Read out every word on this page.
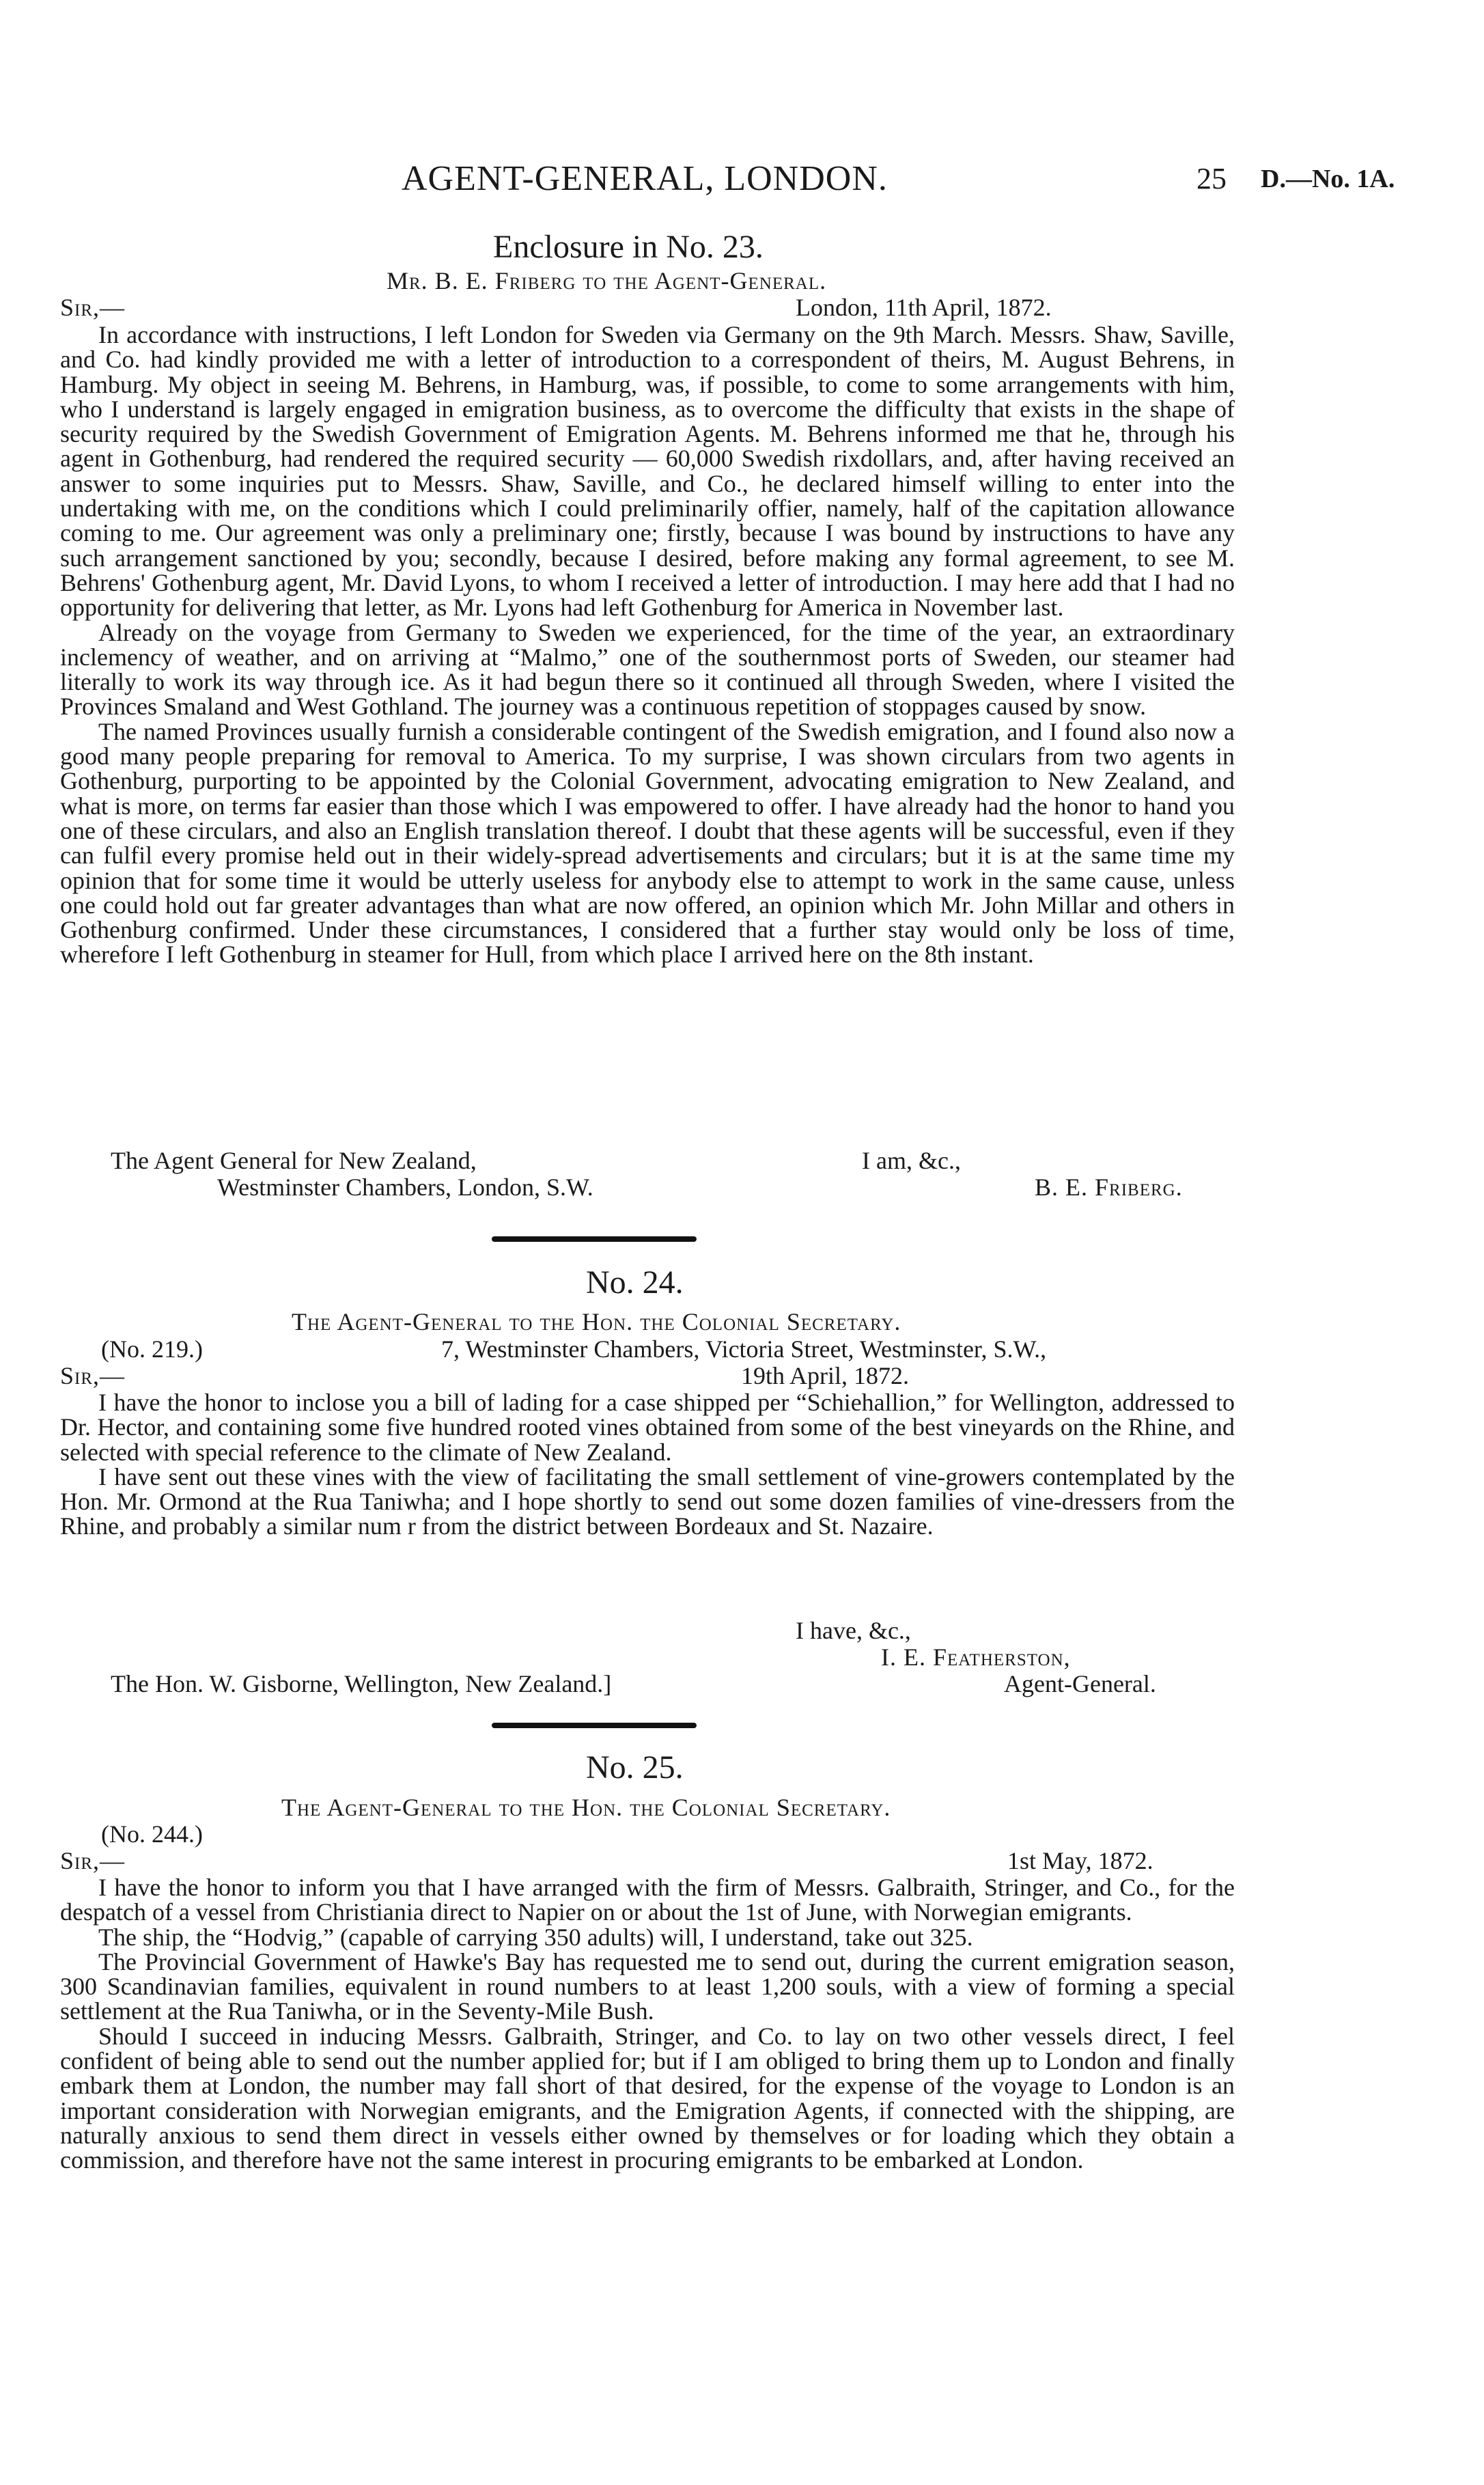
AGENT-GENERAL, LONDON.	25 D.—No. 1A.
Enclosure in No. 23.
Mr. B. E. Friberg to the Agent-General.
Sir,—	London, 11th April, 1872.

In accordance with instructions, I left London for Sweden via Germany on the 9th March. Messrs. Shaw, Saville, and Co. had kindly provided me with a letter of introduction to a correspondent of theirs, M. August Behrens, in Hamburg. My object in seeing M. Behrens, in Hamburg, was, if possible, to come to some arrangements with him, who I understand is largely engaged in emigration business, as to overcome the difficulty that exists in the shape of security required by the Swedish Government of Emigration Agents. M. Behrens informed me that he, through his agent in Gothenburg, had rendered the required security — 60,000 Swedish rixdollars, and, after having received an answer to some inquiries put to Messrs. Shaw, Saville, and Co., he declared himself willing to enter into the undertaking with me, on the conditions which I could preliminarily offier, namely, half of the capitation allowance coming to me. Our agreement was only a preliminary one; firstly, because I was bound by instructions to have any such arrangement sanctioned by you; secondly, because I desired, before making any formal agreement, to see M. Behrens' Gothenburg agent, Mr. David Lyons, to whom I received a letter of introduction. I may here add that I had no opportunity for delivering that letter, as Mr. Lyons had left Gothenburg for America in November last.

Already on the voyage from Germany to Sweden we experienced, for the time of the year, an extraordinary inclemency of weather, and on arriving at “Malmo,” one of the southernmost ports of Sweden, our steamer had literally to work its way through ice. As it had begun there so it continued all through Sweden, where I visited the Provinces Smaland and West Gothland. The journey was a continuous repetition of stoppages caused by snow.

The named Provinces usually furnish a considerable contingent of the Swedish emigration, and I found also now a good many people preparing for removal to America. To my surprise, I was shown circulars from two agents in Gothenburg, purporting to be appointed by the Colonial Government, advocating emigration to New Zealand, and what is more, on terms far easier than those which I was empowered to offer. I have already had the honor to hand you one of these circulars, and also an English translation thereof. I doubt that these agents will be successful, even if they can fulfil every promise held out in their widely-spread advertisements and circulars; but it is at the same time my opinion that for some time it would be utterly useless for anybody else to attempt to work in the same cause, unless one could hold out far greater advantages than what are now offered, an opinion which Mr. John Millar and others in Gothenburg confirmed. Under these circumstances, I considered that a further stay would only be loss of time, wherefore I left Gothenburg in steamer for Hull, from which place I arrived here on the 8th instant.

The Agent General for New Zealand,	I am, &c.,
Westminster Chambers, London, S.W.	B. E. Friberg.
No. 24.
The Agent-General to the Hon. the Colonial Secretary.
(No. 219.)	7, Westminster Chambers, Victoria Street, Westminster, S.W.,
Sir,—	19th April, 1872.

I have the honor to inclose you a bill of lading for a case shipped per “Schiehallion,” for Wellington, addressed to Dr. Hector, and containing some five hundred rooted vines obtained from some of the best vineyards on the Rhine, and selected with special reference to the climate of New Zealand.

I have sent out these vines with the view of facilitating the small settlement of vine-growers contemplated by the Hon. Mr. Ormond at the Rua Taniwha; and I hope shortly to send out some dozen families of vine-dressers from the Rhine, and probably a similar num r from the district between Bordeaux and St. Nazaire.

I have, &c.,
I. E. Featherston,
The Hon. W. Gisborne, Wellington, New Zealand.]	Agent-General.
No. 25.
The Agent-General to the Hon. the Colonial Secretary.
(No. 244.)
Sir,—	1st May, 1872.

I have the honor to inform you that I have arranged with the firm of Messrs. Galbraith, Stringer, and Co., for the despatch of a vessel from Christiania direct to Napier on or about the 1st of June, with Norwegian emigrants.

The ship, the “Hodvig,” (capable of carrying 350 adults) will, I understand, take out 325.

The Provincial Government of Hawke's Bay has requested me to send out, during the current emigration season, 300 Scandinavian families, equivalent in round numbers to at least 1,200 souls, with a view of forming a special settlement at the Rua Taniwha, or in the Seventy-Mile Bush.

Should I succeed in inducing Messrs. Galbraith, Stringer, and Co. to lay on two other vessels direct, I feel confident of being able to send out the number applied for; but if I am obliged to bring them up to London and finally embark them at London, the number may fall short of that desired, for the expense of the voyage to London is an important consideration with Norwegian emigrants, and the Emigration Agents, if connected with the shipping, are naturally anxious to send them direct in vessels either owned by themselves or for loading which they obtain a commission, and therefore have not the same interest in procuring emigrants to be embarked at London.
